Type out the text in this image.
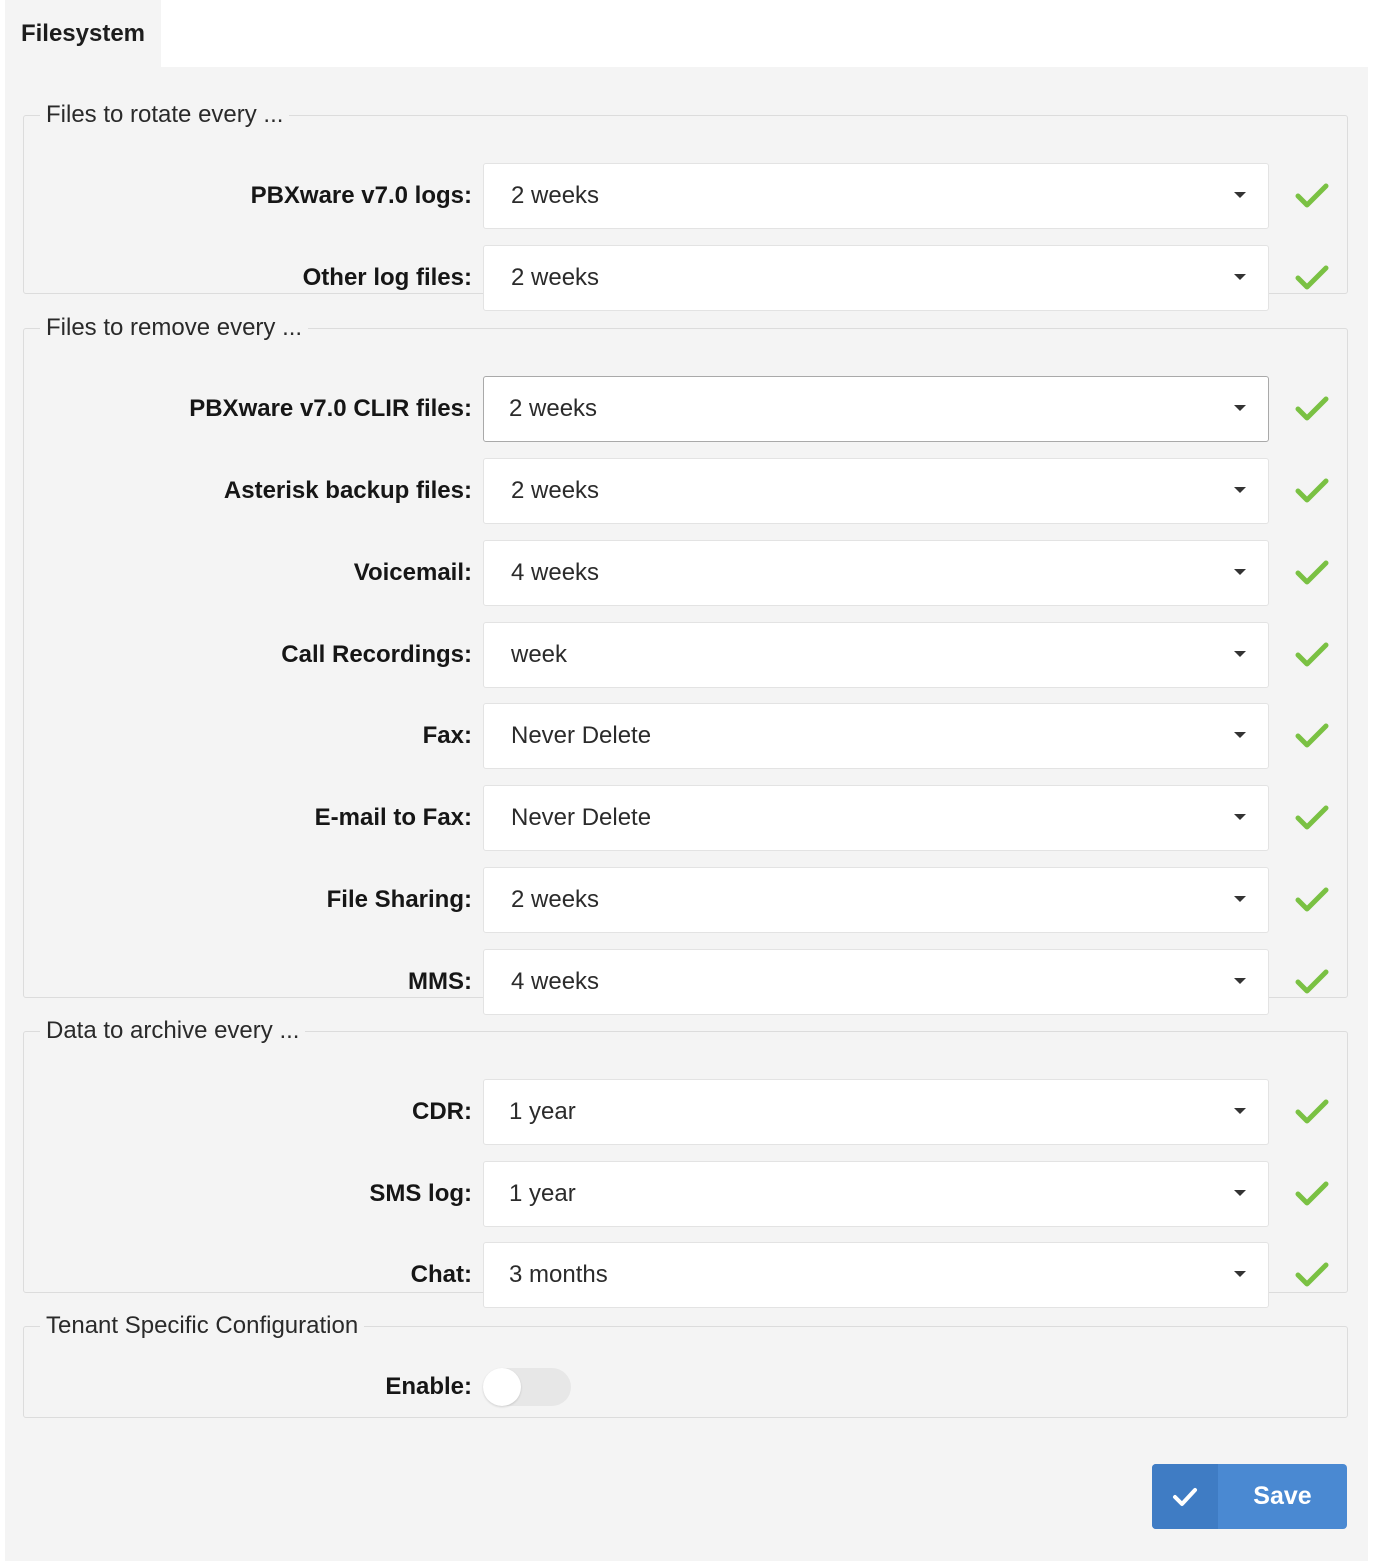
Filesystem
Files to rotate every ...
PBXware v7.0 logs: 2 weeks
Other log files: 2 weeks
Files to remove every ...
PBXware v7.0 CLIR files: 2 weeks
Asterisk backup files: 2 weeks
Voicemail: 4 weeks
Call Recordings: week
Fax: Never Delete
E-mail to Fax: Never Delete
File Sharing: 2 weeks
MMS: 4 weeks
Data to archive every ...
CDR: 1 year
SMS log: 1 year
Chat: 3 months
Tenant Specific Configuration
Enable:
Save
